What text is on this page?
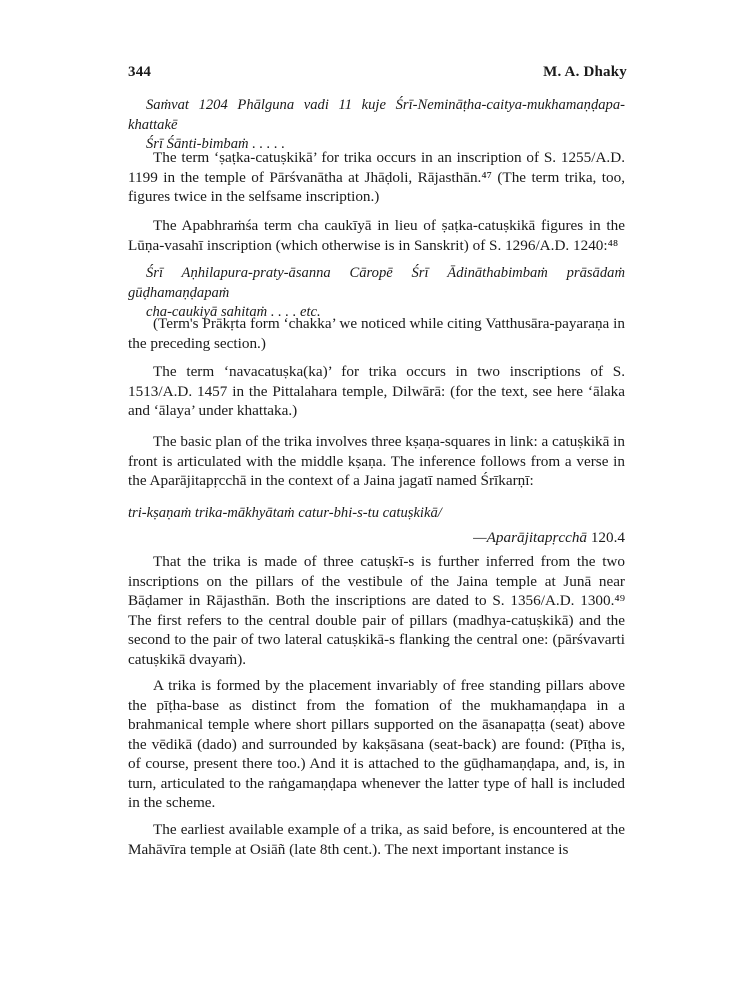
344	M. A. Dhaky

Saṁvat 1204 Phālguna vadi 11 kuje Śrī-Nemināṭha-caitya-mukhamaṇḍapa-khattakē

Śrī Śānti-bimbaṁ . . . . .

The term ‘ṣaṭka-catuṣkikā’ for trika occurs in an inscription of S. 1255/A.D. 1199 in the temple of Pārśvanātha at Jhāḍoli, Rājasthān.⁴⁷ (The term trika, too, figures twice in the selfsame inscription.)

The Apabhraṁśa term cha caukīyā in lieu of ṣaṭka-catuṣkikā figures in the Lūṇa-vasahī inscription (which otherwise is in Sanskrit) of S. 1296/A.D. 1240:⁴⁸

Śrī Aṇhilapura-praty-āsanna Cāropē Śrī Ādināthabimbaṁ prāsādaṁ gūḍhamaṇḍapaṁ

cha-caukiyā sahitaṁ . . . . etc.

(Term's Prākṛta form ‘chakka’ we noticed while citing Vatthusāra-payaraṇa in the preceding section.)

The term ‘navacatuṣka(ka)’ for trika occurs in two inscriptions of S. 1513/A.D. 1457 in the Pittalahara temple, Dilwārā: (for the text, see here ‘ālaka and ‘ālaya’ under khattaka.)

The basic plan of the trika involves three kṣaṇa-squares in link: a catuṣkikā in front is articulated with the middle kṣaṇa. The inference follows from a verse in the Aparājitapṛcchā in the context of a Jaina jagatī named Śrīkarṇī:

tri-kṣaṇaṁ trika-mākhyātaṁ catur-bhi-s-tu catuṣkikā/

—Aparājitapṛcchā 120.4

That the trika is made of three catuṣkī-s is further inferred from the two inscriptions on the pillars of the vestibule of the Jaina temple at Junā near Bāḍamer in Rājasthān. Both the inscriptions are dated to S. 1356/A.D. 1300.⁴⁹ The first refers to the central double pair of pillars (madhya-catuṣkikā) and the second to the pair of two lateral catuṣkikā-s flanking the central one: (pārśvavarti catuṣkikā dvayaṁ).

A trika is formed by the placement invariably of free standing pillars above the pīṭha-base as distinct from the fomation of the mukhamaṇḍapa in a brahmanical temple where short pillars supported on the āsanapaṭṭa (seat) above the vēdikā (dado) and surrounded by kakṣāsana (seat-back) are found: (Pīṭha is, of course, present there too.) And it is attached to the gūḍhamaṇḍapa, and, is, in turn, articulated to the raṅgamaṇḍapa whenever the latter type of hall is included in the scheme.

The earliest available example of a trika, as said before, is encountered at the Mahāvīra temple at Osiāñ (late 8th cent.). The next important instance is
